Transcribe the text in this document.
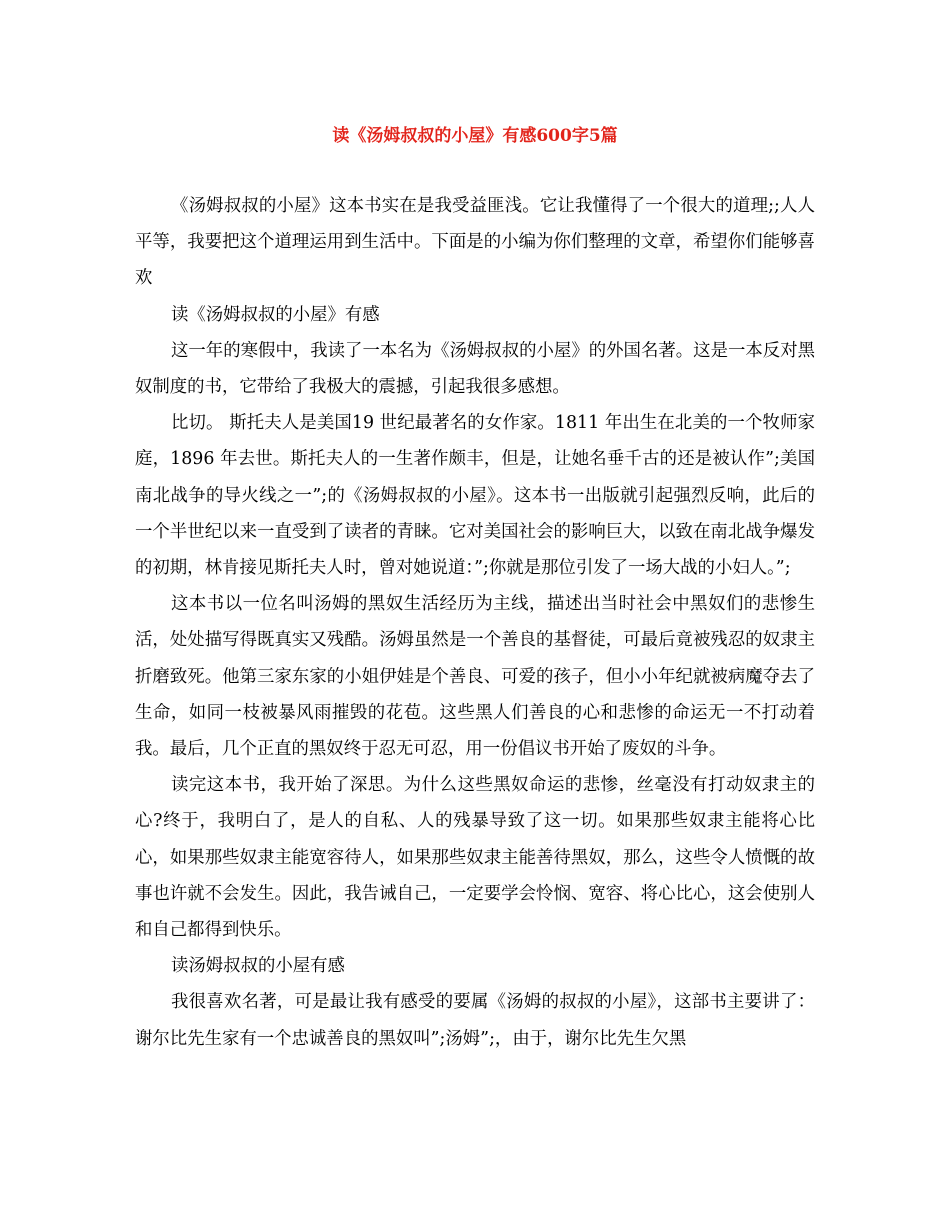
读《汤姆叔叔的小屋》有感600字5篇

《汤姆叔叔的小屋》这本书实在是我受益匪浅。它让我懂得了一个很大的道理;;人人平等，我要把这个道理运用到生活中。下面是的小编为你们整理的文章，希望你们能够喜欢

读《汤姆叔叔的小屋》有感

这一年的寒假中，我读了一本名为《汤姆叔叔的小屋》的外国名著。这是一本反对黑奴制度的书，它带给了我极大的震撼，引起我很多感想。

比切。 斯托夫人是美国19 世纪最著名的女作家。1811 年出生在北美的一个牧师家庭，1896 年去世。斯托夫人的一生著作颇丰，但是，让她名垂千古的还是被认作”;美国南北战争的导火线之一”;的《汤姆叔叔的小屋》。这本书一出版就引起强烈反响，此后的一个半世纪以来一直受到了读者的青睐。它对美国社会的影响巨大，以致在南北战争爆发的初期，林肯接见斯托夫人时，曾对她说道：”;你就是那位引发了一场大战的小妇人。”;

这本书以一位名叫汤姆的黑奴生活经历为主线，描述出当时社会中黑奴们的悲惨生活，处处描写得既真实又残酷。汤姆虽然是一个善良的基督徒，可最后竟被残忍的奴隶主折磨致死。他第三家东家的小姐伊娃是个善良、可爱的孩子，但小小年纪就被病魔夺去了生命，如同一枝被暴风雨摧毁的花苞。这些黑人们善良的心和悲惨的命运无一不打动着我。最后，几个正直的黑奴终于忍无可忍，用一份倡议书开始了废奴的斗争。

读完这本书，我开始了深思。为什么这些黑奴命运的悲惨，丝毫没有打动奴隶主的心?终于，我明白了，是人的自私、人的残暴导致了这一切。如果那些奴隶主能将心比心，如果那些奴隶主能宽容待人，如果那些奴隶主能善待黑奴，那么，这些令人愤慨的故事也许就不会发生。因此，我告诫自己，一定要学会怜悯、宽容、将心比心，这会使别人和自己都得到快乐。

读汤姆叔叔的小屋有感

我很喜欢名著，可是最让我有感受的要属《汤姆的叔叔的小屋》，这部书主要讲了：谢尔比先生家有一个忠诚善良的黑奴叫”;汤姆”;，由于，谢尔比先生欠黑
